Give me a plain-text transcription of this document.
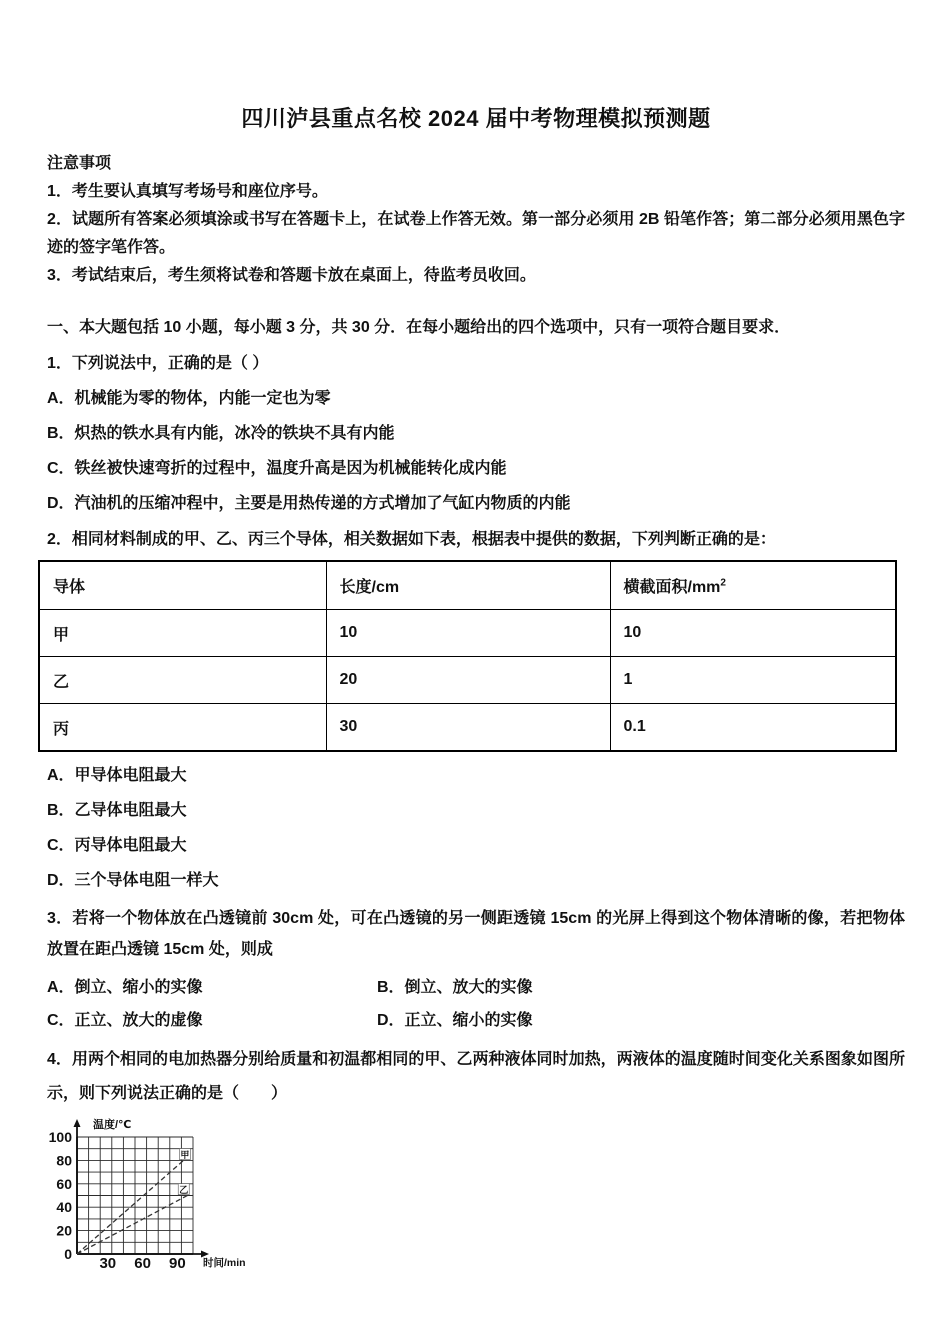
四川泸县重点名校 2024 届中考物理模拟预测题
注意事项
1．考生要认真填写考场号和座位序号。
2．试题所有答案必须填涂或书写在答题卡上，在试卷上作答无效。第一部分必须用 2B 铅笔作答；第二部分必须用黑色字迹的签字笔作答。
3．考试结束后，考生须将试卷和答题卡放在桌面上，待监考员收回。
一、本大题包括 10 小题，每小题 3 分，共 30 分．在每小题给出的四个选项中，只有一项符合题目要求．
1．下列说法中，正确的是（ ）
A．机械能为零的物体，内能一定也为零
B．炽热的铁水具有内能，冰冷的铁块不具有内能
C．铁丝被快速弯折的过程中，温度升高是因为机械能转化成内能
D．汽油机的压缩冲程中，主要是用热传递的方式增加了气缸内物质的内能
2．相同材料制成的甲、乙、丙三个导体，相关数据如下表，根据表中提供的数据，下列判断正确的是：
导体	长度/cm	横截面积$/mm^2$
甲	10	10
乙	20	1
丙	30	0.1
A．甲导体电阻最大
B．乙导体电阻最大
C．丙导体电阻最大
D．三个导体电阻一样大
3．若将一个物体放在凸透镜前 30cm 处，可在凸透镜的另一侧距透镜 15cm 的光屏上得到这个物体清晰的像，若把物体放置在距凸透镜 15cm 处，则成
A．倒立、缩小的实像	B．倒立、放大的实像
C．正立、放大的虚像	D．正立、缩小的实像
4．用两个相同的电加热器分别给质量和初温都相同的甲、乙两种液体同时加热，两液体的温度随时间变化关系图象如图所示，则下列说法正确的是（　　）
20
40
60
80
100
30 60 90
0
温度/℃
时间/min
甲
乙
